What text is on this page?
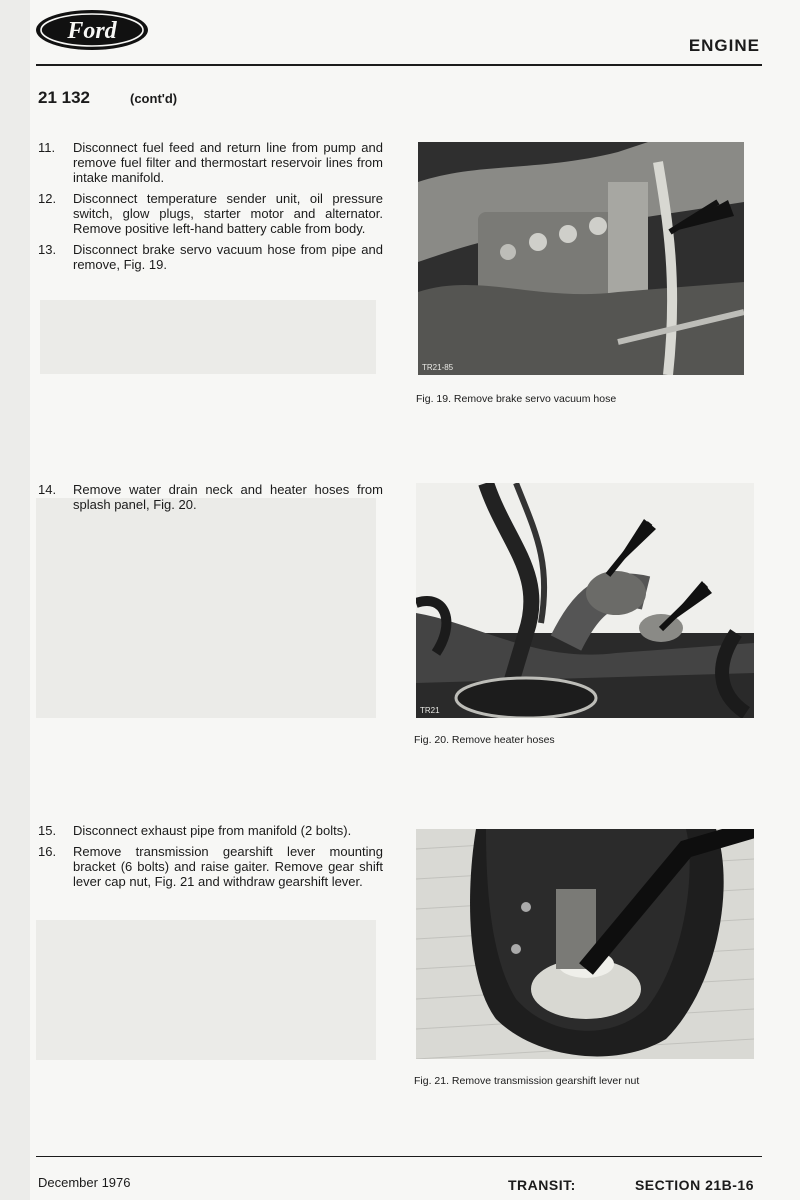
Ford
ENGINE
21 132	(cont'd)
11.	Disconnect fuel feed and return line from pump and remove fuel filter and thermostart reservoir lines from intake manifold.
12.	Disconnect temperature sender unit, oil pressure switch, glow plugs, starter motor and alternator. Remove positive left-hand battery cable from body.
13.	Disconnect brake servo vacuum hose from pipe and remove, Fig. 19.
14.	Remove water drain neck and heater hoses from splash panel, Fig. 20.
15.	Disconnect exhaust pipe from manifold (2 bolts).
16.	Remove transmission gearshift lever mounting bracket (6 bolts) and raise gaiter. Remove gear shift lever cap nut, Fig. 21 and withdraw gearshift lever.
TR21-85
Fig. 19. Remove brake servo vacuum hose
TR21
Fig. 20. Remove heater hoses
Fig. 21. Remove transmission gearshift lever nut
December 1976	TRANSIT:	SECTION 21B-16
